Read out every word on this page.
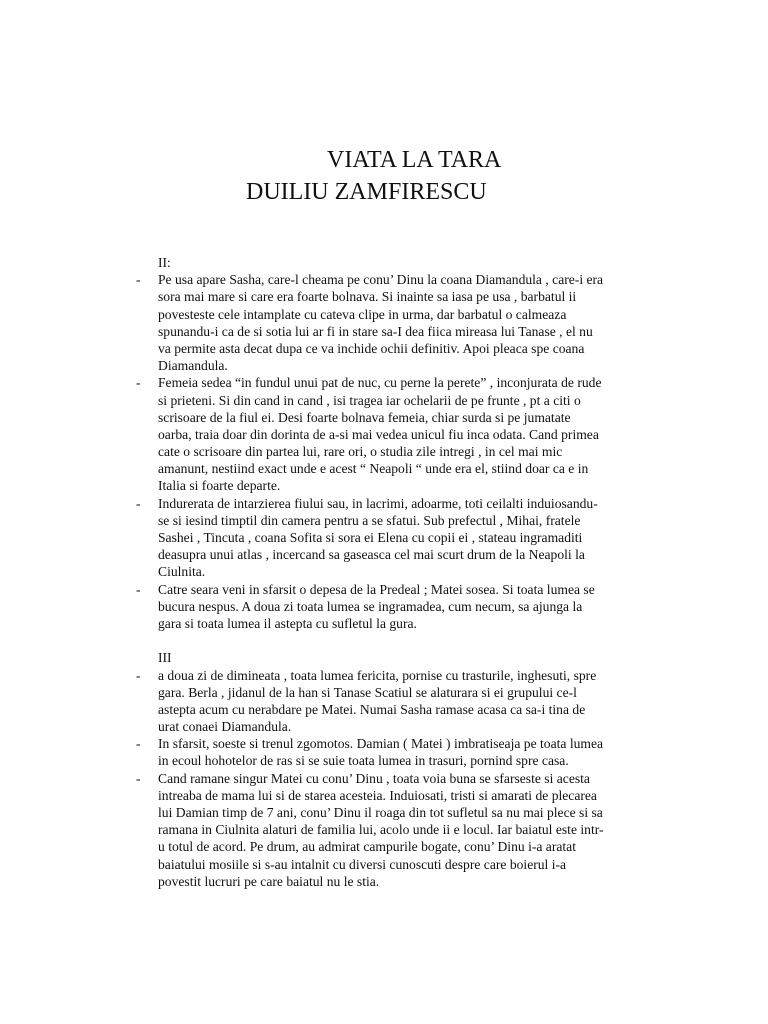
VIATA LA TARA
DUILIU ZAMFIRESCU
II:
-	Pe usa apare Sasha, care-l cheama pe conu’ Dinu la coana Diamandula , care-i era
sora mai mare si care era foarte bolnava. Si inainte sa iasa pe usa , barbatul ii
povesteste cele intamplate cu cateva clipe in urma, dar barbatul o calmeaza
spunandu-i ca de si sotia lui ar fi in stare sa-I dea fiica mireasa lui Tanase , el nu
va permite asta decat dupa ce va inchide ochii definitiv. Apoi pleaca spe coana
Diamandula.
-	Femeia sedea “in fundul unui pat de nuc, cu perne la perete” , inconjurata de rude
si prieteni. Si din cand in cand , isi tragea iar ochelarii de pe frunte , pt a citi o
scrisoare de la fiul ei. Desi foarte bolnava femeia, chiar surda si pe jumatate
oarba, traia doar din dorinta de a-si mai vedea unicul fiu inca odata. Cand primea
cate o scrisoare din partea lui, rare ori, o studia zile intregi , in cel mai mic
amanunt, nestiind exact unde e acest “ Neapoli “ unde era el, stiind doar ca e in
Italia si foarte departe.
-	Indurerata de intarzierea fiului sau, in lacrimi, adoarme, toti ceilalti induiosandu-
se si iesind timptil din camera pentru a se sfatui. Sub prefectul , Mihai, fratele
Sashei , Tincuta , coana Sofita si sora ei Elena cu copii ei , stateau ingramaditi
deasupra unui atlas , incercand sa gaseasca cel mai scurt drum de la Neapoli la
Ciulnita.
-	Catre seara veni in sfarsit o depesa de la Predeal ; Matei sosea. Si toata lumea se
bucura nespus. A doua zi toata lumea se ingramadea, cum necum, sa ajunga la
gara si toata lumea il astepta cu sufletul la gura.
III
-	a doua zi de dimineata , toata lumea fericita, pornise cu trasturile, inghesuti, spre
gara. Berla , jidanul de la han si Tanase Scatiul se alaturara si ei grupului ce-l
astepta acum cu nerabdare pe Matei. Numai Sasha ramase acasa ca sa-i tina de
urat conaei Diamandula.
-	In sfarsit, soeste si trenul zgomotos. Damian ( Matei ) imbratiseaja pe toata lumea
in ecoul hohotelor de ras si se suie toata lumea in trasuri, pornind spre casa.
-	Cand ramane singur Matei cu conu’ Dinu , toata voia buna se sfarseste si acesta
intreaba de mama lui si de starea acesteia. Induiosati, tristi si amarati de plecarea
lui Damian timp de 7 ani, conu’ Dinu il roaga din tot sufletul sa nu mai plece si sa
ramana in Ciulnita alaturi de familia lui, acolo unde ii e locul. Iar baiatul este intr-
u totul de acord. Pe drum, au admirat campurile bogate, conu’ Dinu i-a aratat
baiatului mosiile si s-au intalnit cu diversi cunoscuti despre care boierul i-a
povestit lucruri pe care baiatul nu le stia.
